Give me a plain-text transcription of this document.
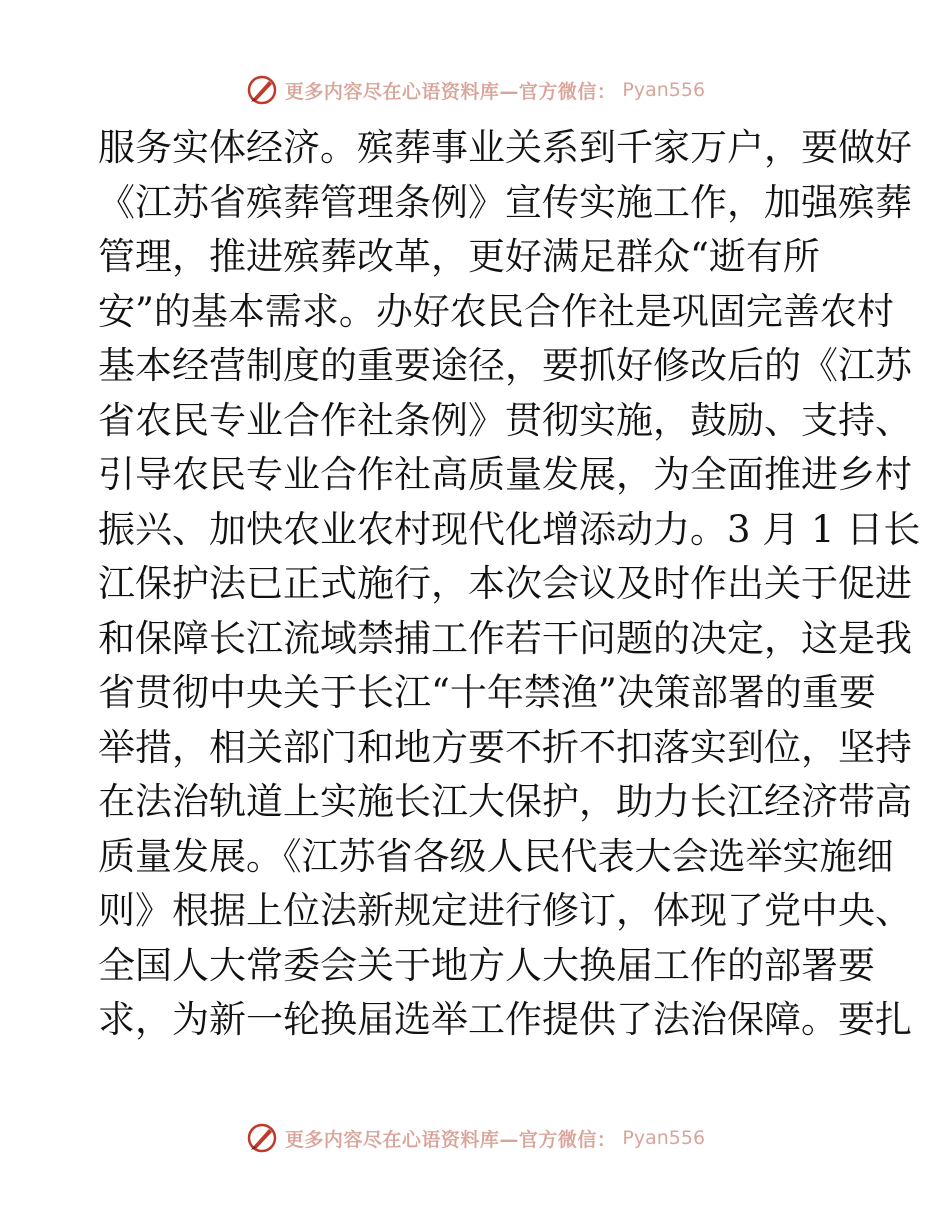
更多内容尽在心语资料库—官方微信： Pyan556
服务实体经济。殡葬事业关系到千家万户，要做好
《江苏省殡葬管理条例》宣传实施工作，加强殡葬
管理，推进殡葬改革，更好满足群众“逝有所
安”的基本需求。办好农民合作社是巩固完善农村
基本经营制度的重要途径，要抓好修改后的《江苏
省农民专业合作社条例》贯彻实施，鼓励、支持、
引导农民专业合作社高质量发展，为全面推进乡村
振兴、加快农业农村现代化增添动力。3 月 1 日长
江保护法已正式施行，本次会议及时作出关于促进
和保障长江流域禁捕工作若干问题的决定，这是我
省贯彻中央关于长江“十年禁渔”决策部署的重要
举措，相关部门和地方要不折不扣落实到位，坚持
在法治轨道上实施长江大保护，助力长江经济带高
质量发展。《江苏省各级人民代表大会选举实施细
则》根据上位法新规定进行修订，体现了党中央、
全国人大常委会关于地方人大换届工作的部署要
求，为新一轮换届选举工作提供了法治保障。要扎
更多内容尽在心语资料库—官方微信： Pyan556
